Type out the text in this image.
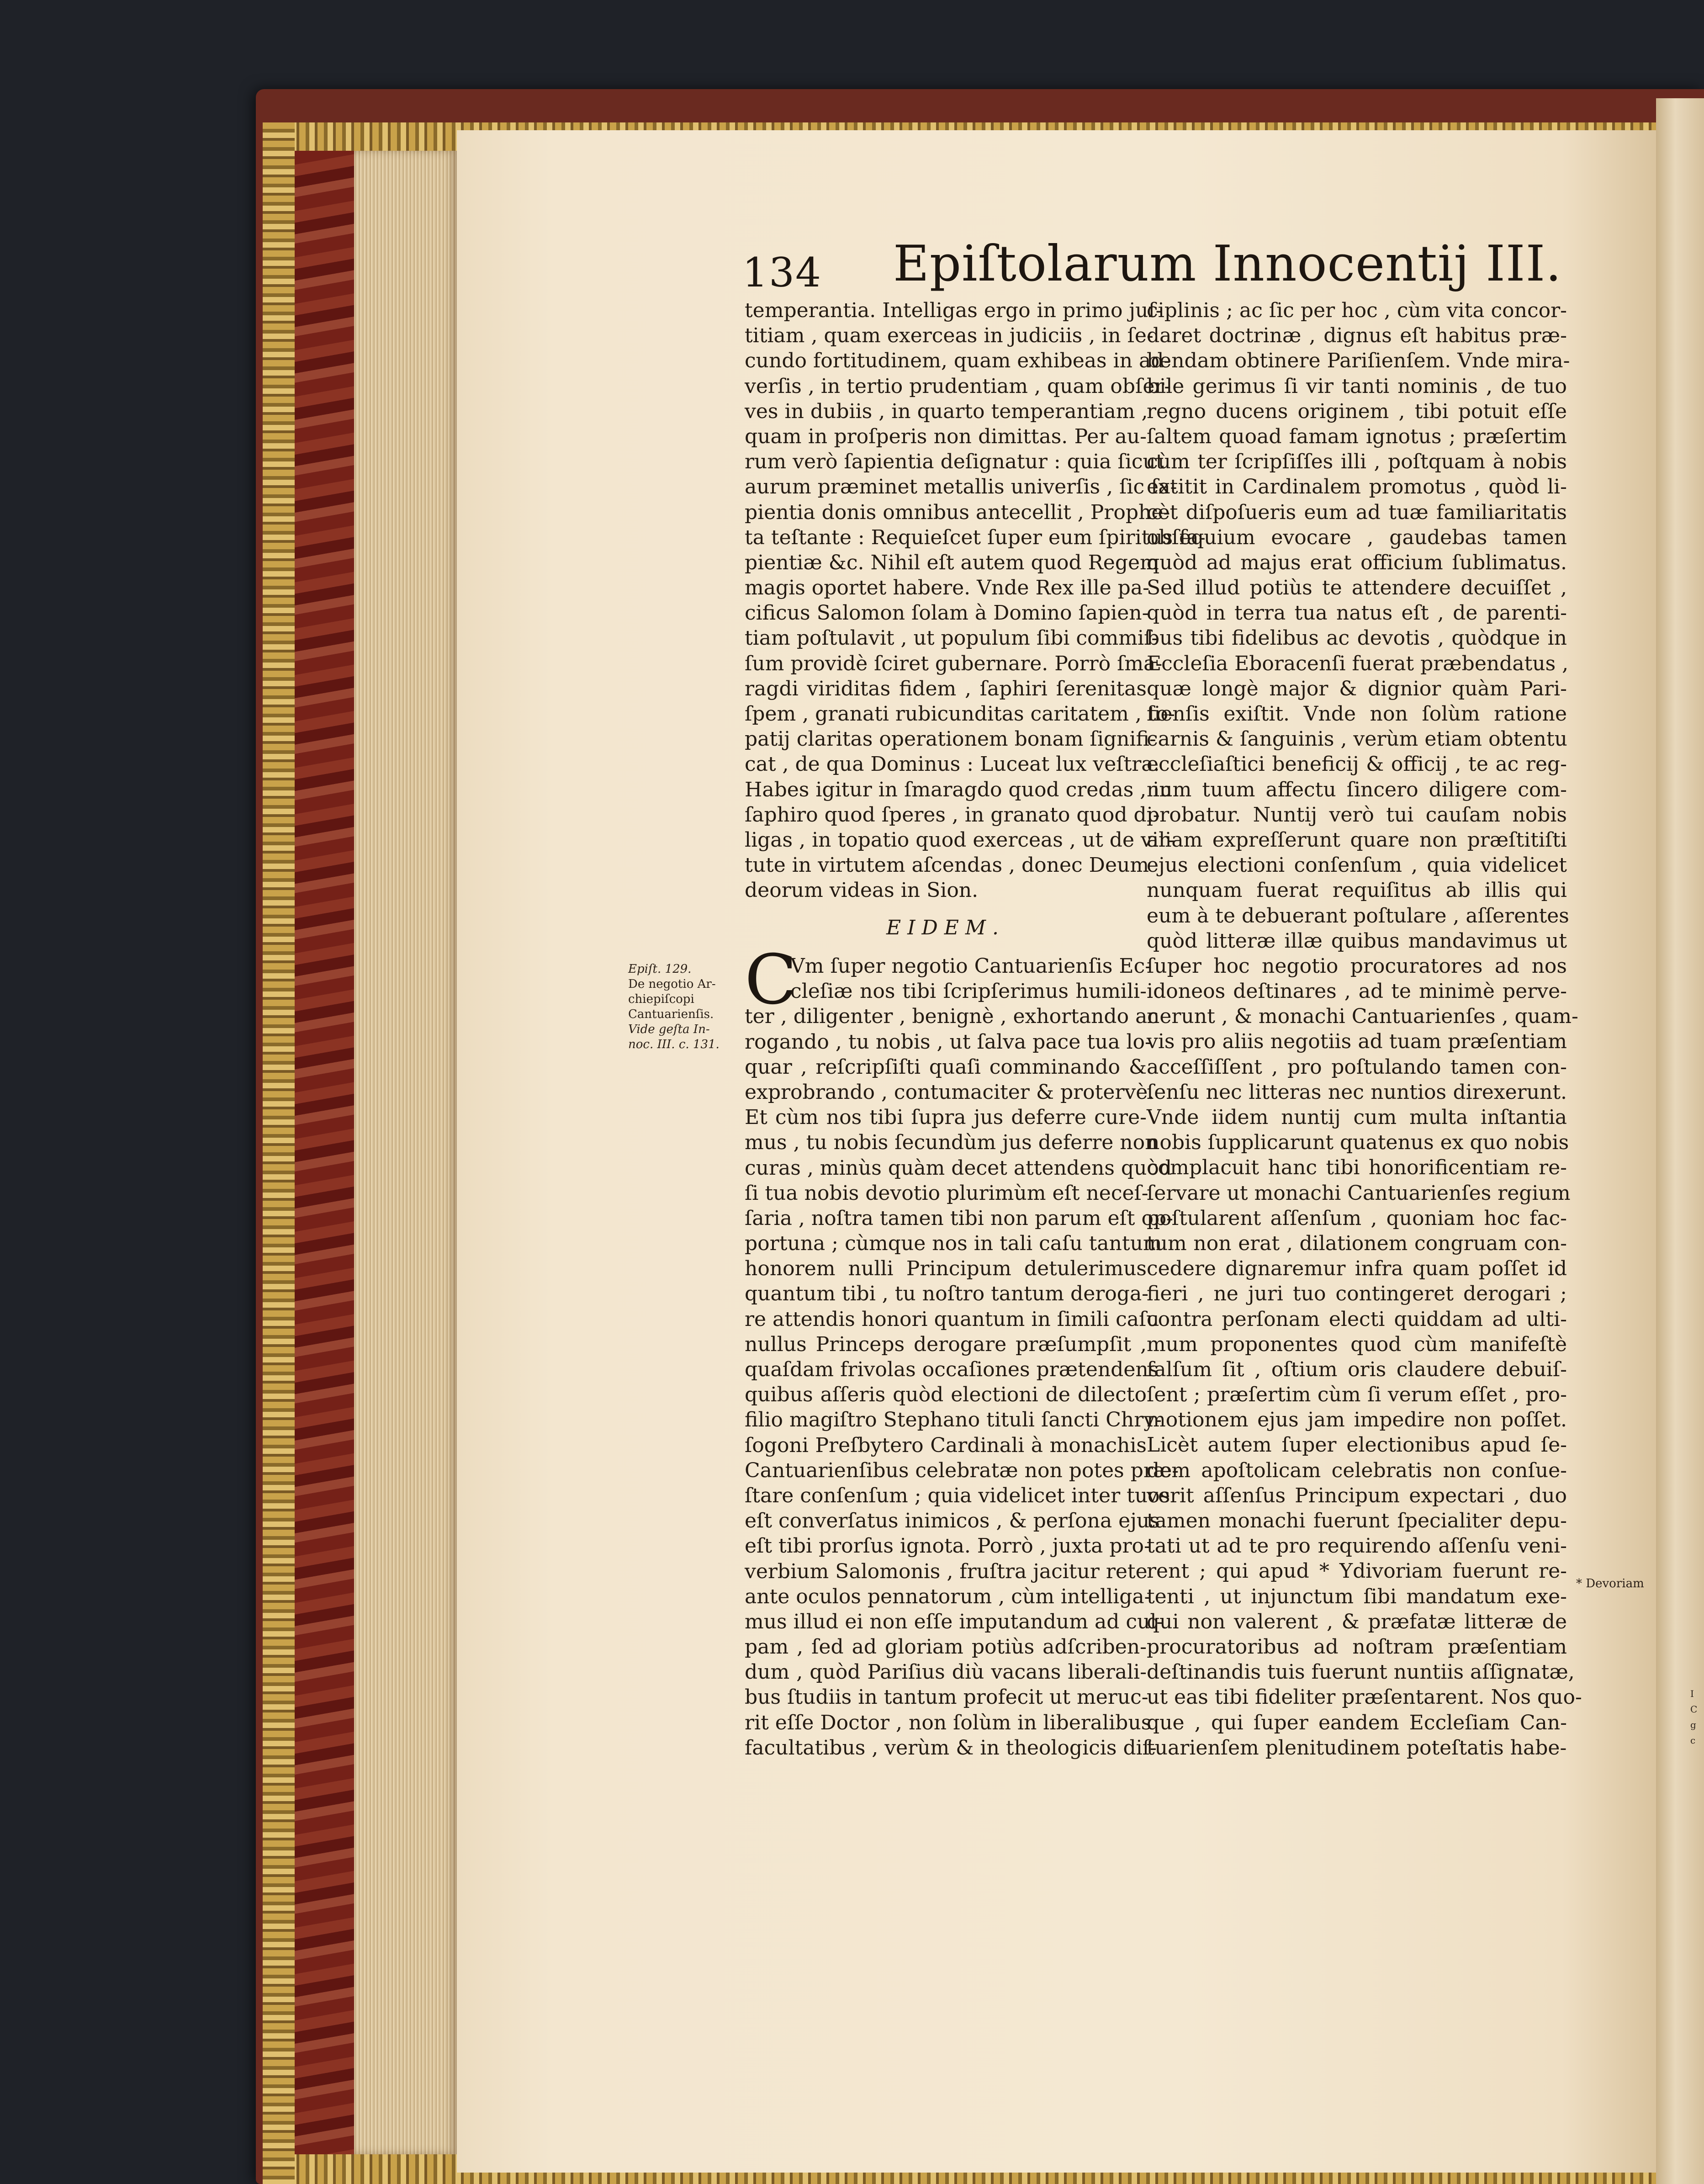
I
C
g
c
134 Epiſtolarum Innocentij III.
temperantia. Intelligas ergo in primo juſ-
titiam , quam exerceas in judiciis , in ſe-
cundo fortitudinem, quam exhibeas in ad-
verſis , in tertio prudentiam , quam obſer-
ves in dubiis , in quarto temperantiam ,
quam in proſperis non dimittas. Per au-
rum verò ſapientia deſignatur : quia ſicut
aurum præminet metallis univerſis , ſic ſa-
pientia donis omnibus antecellit , Prophe-
ta teſtante : Requieſcet ſuper eum ſpiritus ſa-
pientiæ &c. Nihil eſt autem quod Regem
magis oportet habere. Vnde Rex ille pa-
cificus Salomon ſolam à Domino ſapien-
tiam poſtulavit , ut populum ſibi commiſ-
ſum providè ſciret gubernare. Porrò ſma-
ragdi viriditas fidem , ſaphiri ſerenitas
ſpem , granati rubicunditas caritatem , to-
patij claritas operationem bonam ſignifi-
cat , de qua Dominus : Luceat lux veſtra.
Habes igitur in ſmaragdo quod credas , in
ſaphiro quod ſperes , in granato quod di-
ligas , in topatio quod exerceas , ut de vir-
tute in virtutem aſcendas , donec Deum
deorum videas in Sion.
EIDEM.
Epiſt. 129.
De negotio Ar-
chiepiſcopi
Cantuarienſis.
Vide geſta In-
noc. III. c. 131.
C
Vm ſuper negotio Cantuarienſis Ec-
cleſiæ nos tibi ſcripſerimus humili-
ter , diligenter , benignè , exhortando ac
rogando , tu nobis , ut ſalva pace tua lo-
quar , reſcripſiſti quaſi comminando &
exprobrando , contumaciter & protervè.
Et cùm nos tibi ſupra jus deferre cure-
mus , tu nobis ſecundùm jus deferre non
curas , minùs quàm decet attendens quòd
ſi tua nobis devotio plurimùm eſt neceſ-
ſaria , noſtra tamen tibi non parum eſt op-
portuna ; cùmque nos in tali caſu tantum
honorem nulli Principum detulerimus
quantum tibi , tu noſtro tantum deroga-
re attendis honori quantum in ſimili caſu
nullus Princeps derogare præſumpſit ,
quaſdam frivolas occaſiones prætendens
quibus aſſeris quòd electioni de dilecto
filio magiſtro Stephano tituli ſancti Chry-
ſogoni Preſbytero Cardinali à monachis
Cantuarienſibus celebratæ non potes præ-
ſtare conſenſum ; quia videlicet inter tuos
eſt converſatus inimicos , & perſona ejus
eſt tibi prorſus ignota. Porrò , juxta pro-
verbium Salomonis , fruſtra jacitur rete
ante oculos pennatorum , cùm intelliga-
mus illud ei non eſſe imputandum ad cul-
pam , ſed ad gloriam potiùs adſcriben-
dum , quòd Pariſius diù vacans liberali-
bus ſtudiis in tantum profecit ut meruc-
rit eſſe Doctor , non ſolùm in liberalibus
facultatibus , verùm & in theologicis diſ-
ciplinis ; ac ſic per hoc , cùm vita concor-
daret doctrinæ , dignus eſt habitus præ-
bendam obtinere Pariſienſem. Vnde mira-
bile gerimus ſi vir tanti nominis , de tuo
regno ducens originem , tibi potuit eſſe
ſaltem quoad famam ignotus ; præſertim
cùm ter ſcripſiſſes illi , poſtquam à nobis
extitit in Cardinalem promotus , quòd li-
cèt diſpoſueris eum ad tuæ familiaritatis
obſequium evocare , gaudebas tamen
quòd ad majus erat officium ſublimatus.
Sed illud potiùs te attendere decuiſſet ,
quòd in terra tua natus eſt , de parenti-
bus tibi fidelibus ac devotis , quòdque in
Eccleſia Eboracenſi fuerat præbendatus ,
quæ longè major & dignior quàm Pari-
ſienſis exiſtit. Vnde non ſolùm ratione
carnis & ſanguinis , verùm etiam obtentu
eccleſiaſtici beneficij & officij , te ac reg-
num tuum affectu ſincero diligere com-
probatur. Nuntij verò tui cauſam nobis
aliam expreſſerunt quare non præſtitiſti
ejus electioni conſenſum , quia videlicet
nunquam fuerat requiſitus ab illis qui
eum à te debuerant poſtulare , aſſerentes
quòd litteræ illæ quibus mandavimus ut
ſuper hoc negotio procuratores ad nos
idoneos deſtinares , ad te minimè perve-
nerunt , & monachi Cantuarienſes , quam-
vis pro aliis negotiis ad tuam præſentiam
acceſſiſſent , pro poſtulando tamen con-
ſenſu nec litteras nec nuntios direxerunt.
Vnde iidem nuntij cum multa inſtantia
nobis ſupplicarunt quatenus ex quo nobis
complacuit hanc tibi honorificentiam re-
ſervare ut monachi Cantuarienſes regium
poſtularent aſſenſum , quoniam hoc fac-
tum non erat , dilationem congruam con-
cedere dignaremur infra quam poſſet id
fieri , ne juri tuo contingeret derogari ;
contra perſonam electi quiddam ad ulti-
mum proponentes quod cùm manifeſtè
falſum ſit , oſtium oris claudere debuiſ-
ſent ; præſertim cùm ſi verum eſſet , pro-
motionem ejus jam impedire non poſſet.
Licèt autem ſuper electionibus apud ſe-
dem apoſtolicam celebratis non conſue-
verit aſſenſus Principum expectari , duo
tamen monachi fuerunt ſpecialiter depu-
tati ut ad te pro requirendo aſſenſu veni-
rent ; qui apud * Ydivoriam fuerunt re-
tenti , ut injunctum ſibi mandatum exe-
qui non valerent , & præfatæ litteræ de
procuratoribus ad noſtram præſentiam
deſtinandis tuis fuerunt nuntiis aſſignatæ,
ut eas tibi fideliter præſentarent. Nos quo-
que , qui ſuper eandem Eccleſiam Can-
tuarienſem plenitudinem poteſtatis habe-
* Devoriam
